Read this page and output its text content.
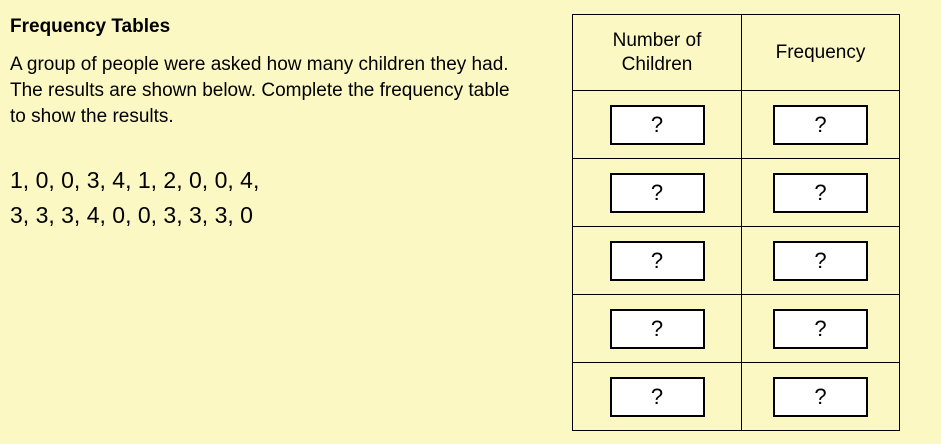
Frequency Tables

A group of people were asked how many children they had. The results are shown below. Complete the frequency table to show the results.

1, 0, 0, 3, 4, 1, 2, 0, 0, 4,
3, 3, 3, 4, 0, 0, 3, 3, 3, 0
Number of
Children	Frequency
?	?
?	?
?	?
?	?
?	?
